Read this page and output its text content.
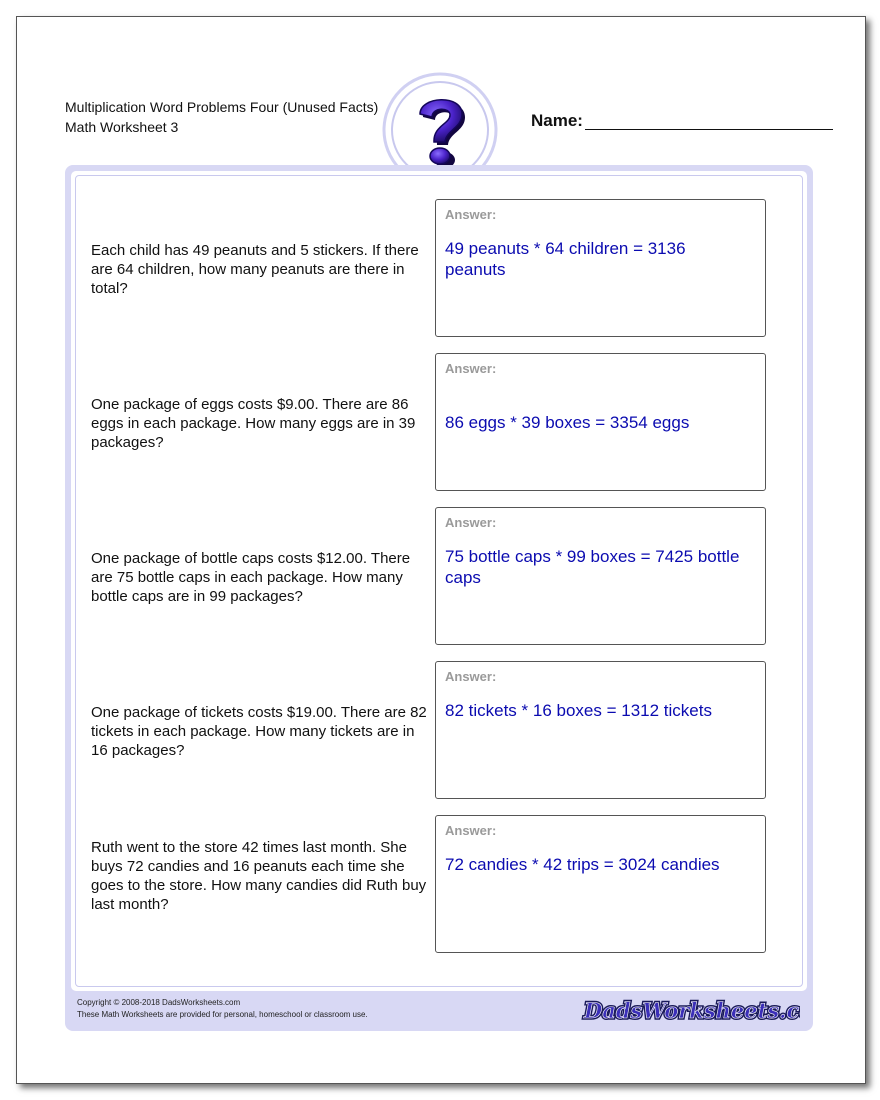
Multiplication Word Problems Four (Unused Facts)
Math Worksheet 3	Name:
Each child has 49 peanuts and 5 stickers. If there are 64 children, how many peanuts are there in total?
Answer:
49 peanuts * 64 children = 3136 peanuts
One package of eggs costs $9.00. There are 86 eggs in each package. How many eggs are in 39 packages?
Answer:
86 eggs * 39 boxes = 3354 eggs
One package of bottle caps costs $12.00. There are 75 bottle caps in each package. How many bottle caps are in 99 packages?
Answer:
75 bottle caps * 99 boxes = 7425 bottle caps
One package of tickets costs $19.00. There are 82 tickets in each package. How many tickets are in 16 packages?
Answer:
82 tickets * 16 boxes = 1312 tickets
Ruth went to the store 42 times last month. She buys 72 candies and 16 peanuts each time she goes to the store. How many candies did Ruth buy last month?
Answer:
72 candies * 42 trips = 3024 candies
Copyright © 2008-2018 DadsWorksheets.com
These Math Worksheets are provided for personal, homeschool or classroom use.	DadsWorksheets.c
DadsWorksheets.c
